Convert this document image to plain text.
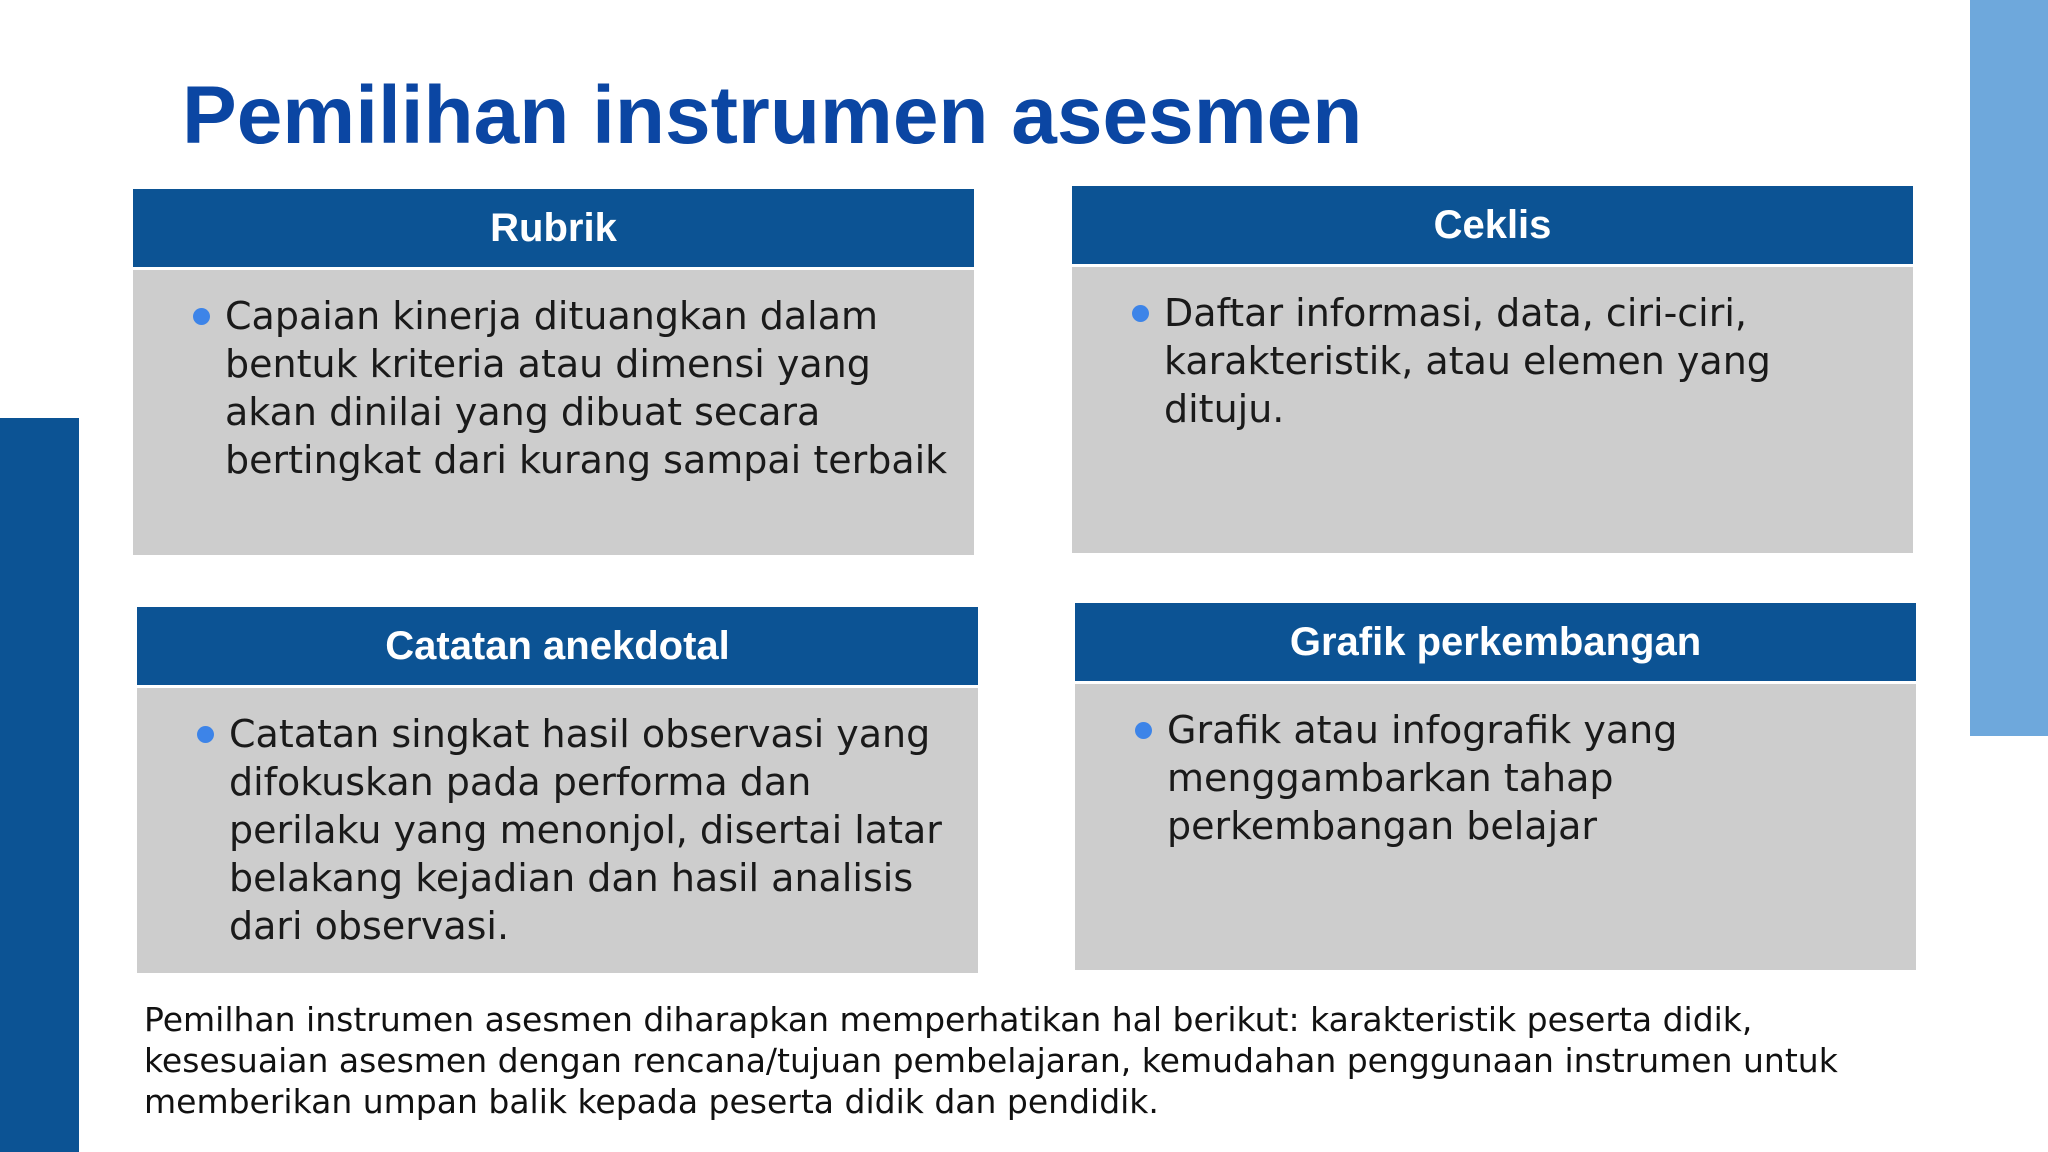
Pemilihan instrumen asesmen
Rubrik
Capaian kinerja dituangkan dalam bentuk kriteria atau dimensi yang akan dinilai yang dibuat secara bertingkat dari kurang sampai terbaik
Ceklis
Daftar informasi, data, ciri-ciri, karakteristik, atau elemen yang dituju.
Catatan anekdotal
Catatan singkat hasil observasi yang difokuskan pada performa dan perilaku yang menonjol, disertai latar belakang kejadian dan hasil analisis dari observasi.
Grafik perkembangan
Grafik atau infografik yang menggambarkan tahap perkembangan belajar

Pemilhan instrumen asesmen diharapkan memperhatikan hal berikut: karakteristik peserta didik, kesesuaian asesmen dengan rencana/tujuan pembelajaran, kemudahan penggunaan instrumen untuk memberikan umpan balik kepada peserta didik dan pendidik.
